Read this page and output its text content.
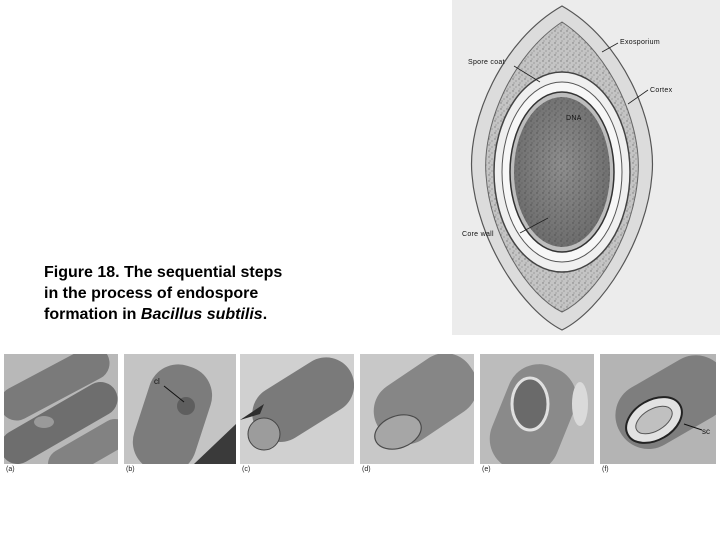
Figure 18. The sequential steps
in the process of endospore
formation in Bacillus subtilis.
Exosporium
Spore coat
Cortex
DNA
Core wall
(a)
cl
(b)	(c)	(d)	(e)
sc
(f)
